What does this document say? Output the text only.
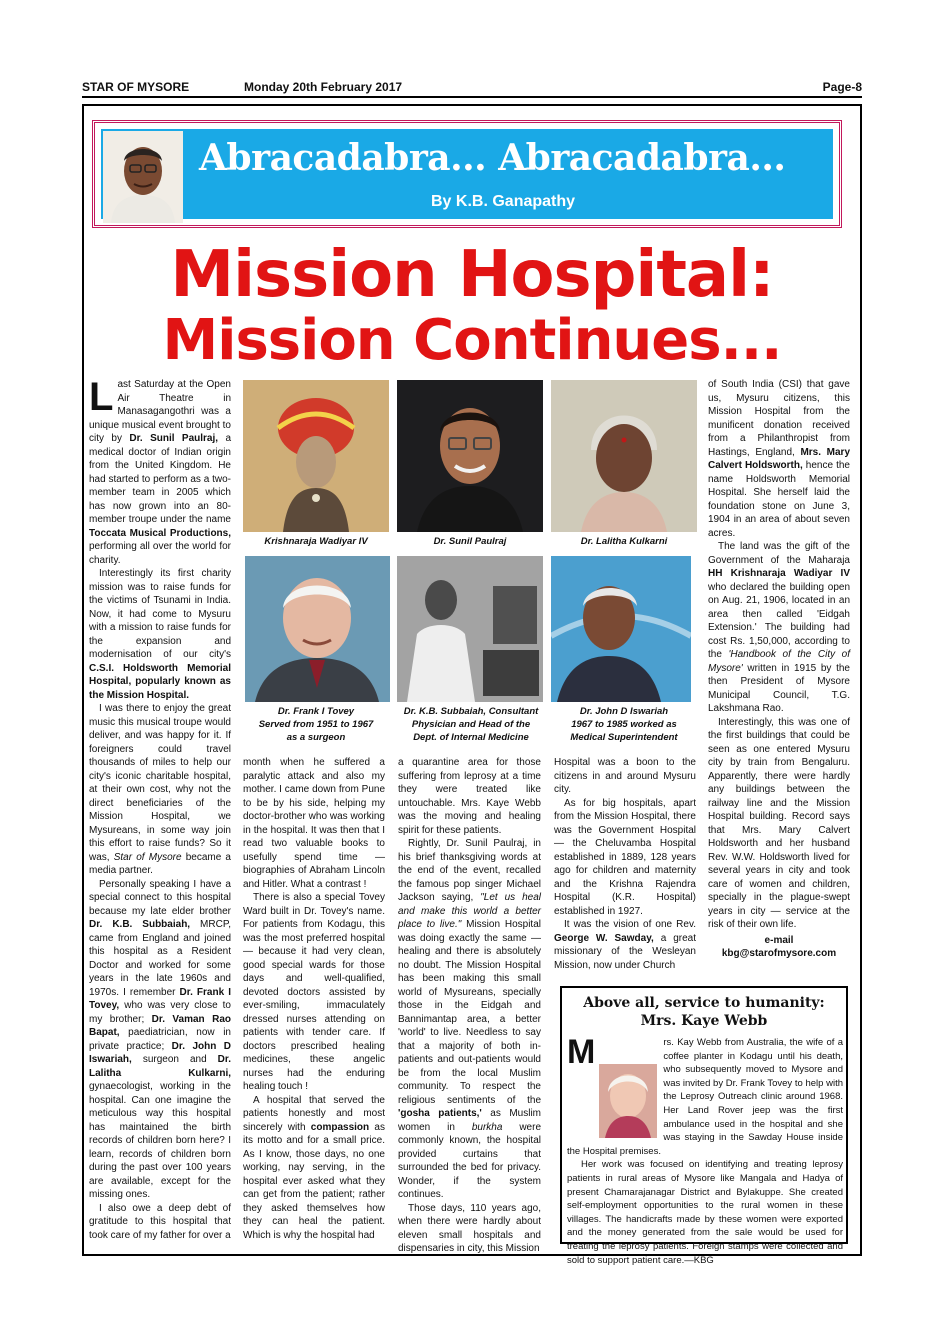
STAR OF MYSORE	Monday 20th February 2017	Page-8
Abracadabra... Abracadabra...
By K.B. Ganapathy
Mission Hospital:
Mission Continues...

Last Saturday at the Open Air Theatre in Manasagangothri was a unique musical event brought to city by Dr. Sunil Paulraj, a medical doctor of Indian origin from the United Kingdom. He had started to perform as a two-member team in 2005 which has now grown into an 80-member troupe under the name Toccata Musical Productions, performing all over the world for charity.

Interestingly its first charity mission was to raise funds for the victims of Tsunami in India. Now, it had come to Mysuru with a mission to raise funds for the expansion and modernisation of our city's C.S.I. Holdsworth Memorial Hospital, popularly known as the Mission Hospital.

I was there to enjoy the great music this musical troupe would deliver, and was happy for it. If foreigners could travel thousands of miles to help our city's iconic charitable hospital, at their own cost, why not the direct beneficiaries of the Mission Hospital, we Mysureans, in some way join this effort to raise funds? So it was, Star of Mysore became a media partner.

Personally speaking I have a special connect to this hospital because my late elder brother Dr. K.B. Subbaiah, MRCP, came from England and joined this hospital as a Resident Doctor and worked for some years in the late 1960s and 1970s. I remember Dr. Frank I Tovey, who was very close to my brother; Dr. Vaman Rao Bapat, paediatrician, now in private practice; Dr. John D Iswariah, surgeon and Dr. Lalitha Kulkarni, gynaecologist, working in the hospital. Can one imagine the meticulous way this hospital has maintained the birth records of children born here? I learn, records of children born during the past over 100 years are available, except for the missing ones.

I also owe a deep debt of gratitude to this hospital that took care of my father for over a

Krishnaraja Wadiyar IV	Dr. Sunil Paulraj	Dr. Lalitha Kulkarni
Dr. Frank I Tovey
Served from 1951 to 1967
as a surgeon
Dr. K.B. Subbaiah, Consultant
Physician and Head of the
Dept. of Internal Medicine
Dr. John D Iswariah
1967 to 1985 worked as
Medical Superintendent

month when he suffered a paralytic attack and also my mother. I came down from Pune to be by his side, helping my doctor-brother who was working in the hospital. It was then that I read two valuable books to usefully spend time — biographies of Abraham Lincoln and Hitler. What a contrast !

There is also a special Tovey Ward built in Dr. Tovey's name. For patients from Kodagu, this was the most preferred hospital — because it had very clean, good special wards for those days and well-qualified, devoted doctors assisted by ever-smiling, immaculately dressed nurses attending on patients with tender care. If doctors prescribed healing medicines, these angelic nurses had the enduring healing touch !

A hospital that served the patients honestly and most sincerely with compassion as its motto and for a small price. As I know, those days, no one working, nay serving, in the hospital ever asked what they can get from the patient; rather they asked themselves how they can heal the patient. Which is why the hospital had

a quarantine area for those suffering from leprosy at a time they were treated like untouchable. Mrs. Kaye Webb was the moving and healing spirit for these patients.

Rightly, Dr. Sunil Paulraj, in his brief thanksgiving words at the end of the event, recalled the famous pop singer Michael Jackson saying, "Let us heal and make this world a better place to live." Mission Hospital was doing exactly the same — healing and there is absolutely no doubt. The Mission Hospital has been making this small world of Mysureans, specially those in the Eidgah and Bannimantap area, a better 'world' to live. Needless to say that a majority of both in-patients and out-patients would be from the local Muslim community. To respect the religious sentiments of the 'gosha patients,' as Muslim women in burkha were commonly known, the hospital provided curtains that surrounded the bed for privacy. Wonder, if the system continues.

Those days, 110 years ago, when there were hardly about eleven small hospitals and dispensaries in city, this Mission

Hospital was a boon to the citizens in and around Mysuru city.

As for big hospitals, apart from the Mission Hospital, there was the Government Hospital — the Cheluvamba Hospital established in 1889, 128 years ago for children and maternity and the Krishna Rajendra Hospital (K.R. Hospital) established in 1927.

It was the vision of one Rev. George W. Sawday, a great missionary of the Wesleyan Mission, now under Church

of South India (CSI) that gave us, Mysuru citizens, this Mission Hospital from the munificent donation received from a Philanthropist from Hastings, England, Mrs. Mary Calvert Holdsworth, hence the name Holdsworth Memorial Hospital. She herself laid the foundation stone on June 3, 1904 in an area of about seven acres.

The land was the gift of the Government of the Maharaja HH Krishnaraja Wadiyar IV who declared the building open on Aug. 21, 1906, located in an area then called 'Eidgah Extension.' The building had cost Rs. 1,50,000, according to the 'Handbook of the City of Mysore' written in 1915 by the then President of Mysore Municipal Council, T.G. Lakshmana Rao.

Interestingly, this was one of the first buildings that could be seen as one entered Mysuru city by train from Bengaluru. Apparently, there were hardly any buildings between the railway line and the Mission Hospital building. Record says that Mrs. Mary Calvert Holdsworth and her husband Rev. W.W. Holdsworth lived for several years in city and took care of women and children, specially in the plague-swept years in city — service at the risk of their own life.

e-mail
kbg@starofmysore.com
Above all, service to humanity:
Mrs. Kaye Webb

M	rs. Kay Webb from Australia, the wife of a coffee planter in Kodagu until his death, who subsequently moved to Mysore and was invited by Dr. Frank Tovey to help with the Leprosy Outreach clinic around 1968. Her Land Rover jeep was the first ambulance used in the hospital and she was staying in the Sawday House inside the Hospital premises.

Her work was focused on identifying and treating leprosy patients in rural areas of Mysore like Mangala and Hadya of present Chamarajanagar District and Bylakuppe. She created self-employment opportunities to the rural women in these villages. The handicrafts made by these women were exported and the money generated from the sale would be used for treating the leprosy patients. Foreign stamps were collected and sold to support patient care.—KBG
